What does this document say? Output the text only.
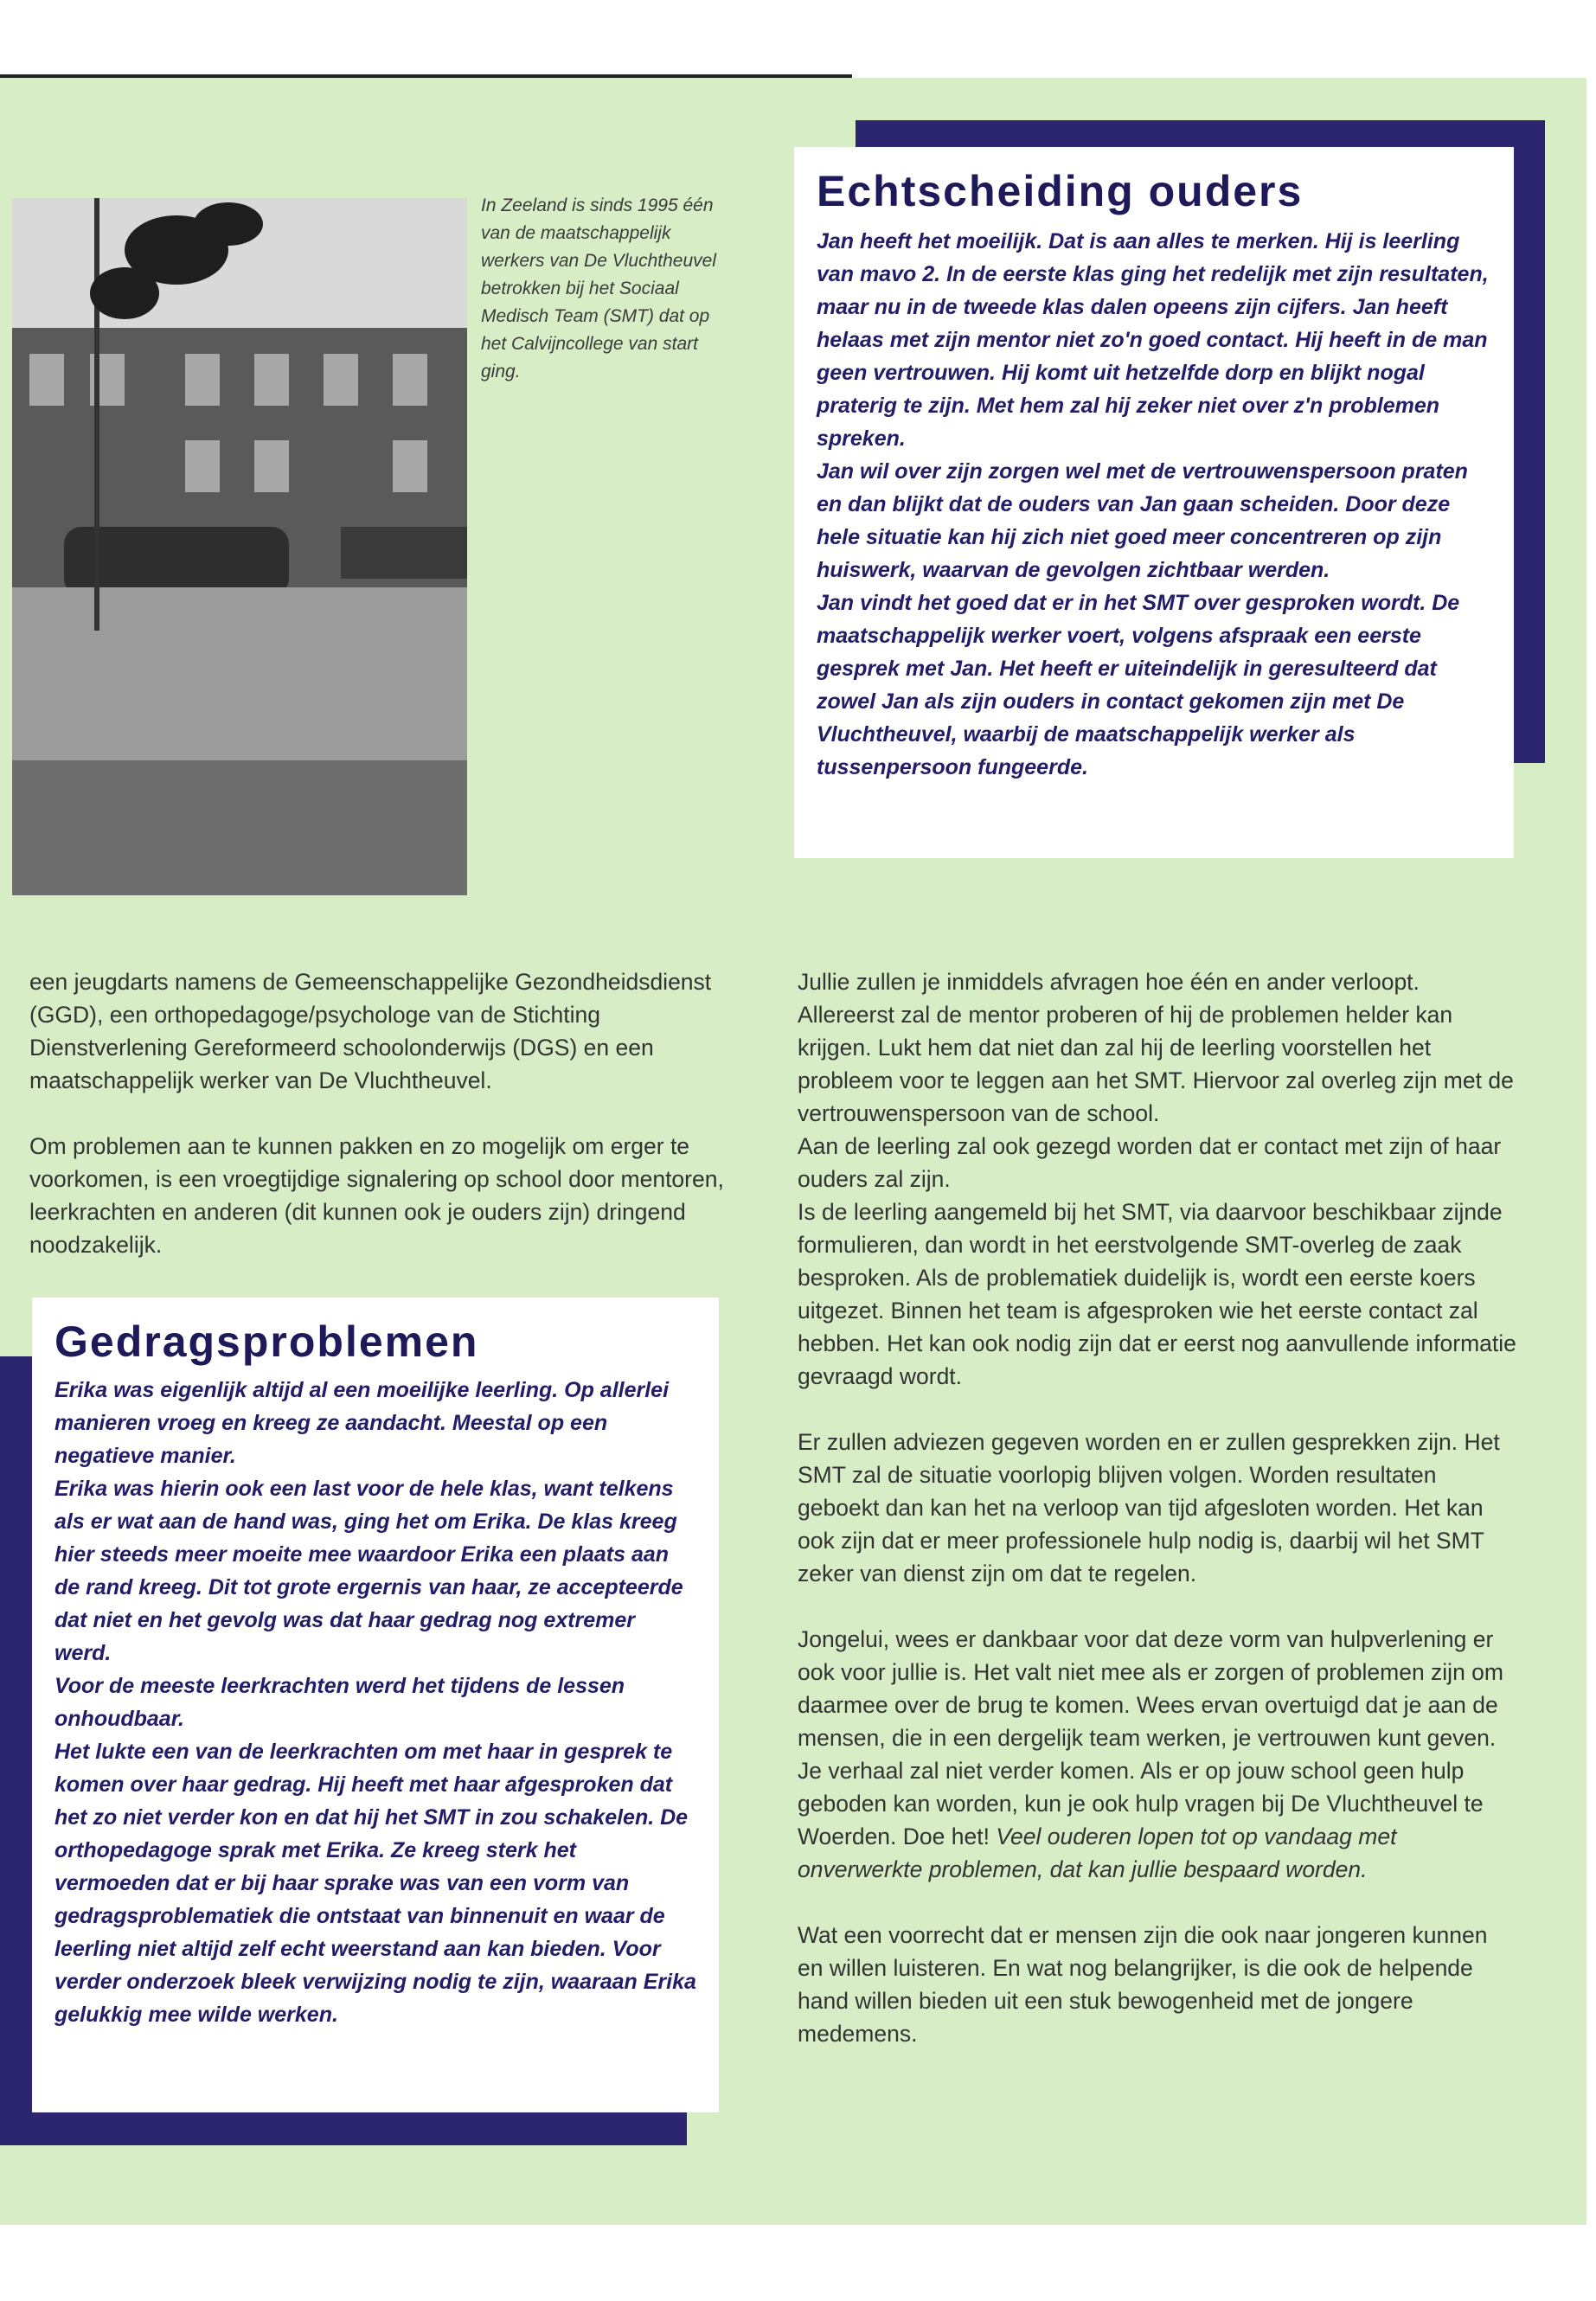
In Zeeland is sinds 1995 één van de maatschappelijk werkers van De Vluchtheuvel betrokken bij het Sociaal Medisch Team (SMT) dat op het Calvijncollege van start ging.
Echtscheiding ouders

Jan heeft het moeilijk. Dat is aan alles te merken. Hij is leerling van mavo 2. In de eerste klas ging het redelijk met zijn resultaten, maar nu in de tweede klas dalen opeens zijn cijfers. Jan heeft helaas met zijn mentor niet zo'n goed contact. Hij heeft in de man geen vertrouwen. Hij komt uit hetzelfde dorp en blijkt nogal praterig te zijn. Met hem zal hij zeker niet over z'n problemen spreken.

Jan wil over zijn zorgen wel met de vertrouwenspersoon praten en dan blijkt dat de ouders van Jan gaan scheiden. Door deze hele situatie kan hij zich niet goed meer concentreren op zijn huiswerk, waarvan de gevolgen zichtbaar werden.

Jan vindt het goed dat er in het SMT over gesproken wordt. De maatschappelijk werker voert, volgens afspraak een eerste gesprek met Jan. Het heeft er uiteindelijk in geresulteerd dat zowel Jan als zijn ouders in contact gekomen zijn met De Vluchtheuvel, waarbij de maatschappelijk werker als tussenpersoon fungeerde.

een jeugdarts namens de Gemeenschappelijke Gezondheidsdienst (GGD), een orthopedagoge/psychologe van de Stichting Dienstverlening Gereformeerd schoolonderwijs (DGS) en een maatschappelijk werker van De Vluchtheuvel.

Om problemen aan te kunnen pakken en zo mogelijk om erger te voorkomen, is een vroegtijdige signalering op school door mentoren, leerkrachten en anderen (dit kunnen ook je ouders zijn) dringend noodzakelijk.

Gedragsproblemen

Erika was eigenlijk altijd al een moeilijke leerling. Op allerlei manieren vroeg en kreeg ze aandacht. Meestal op een negatieve manier.

Erika was hierin ook een last voor de hele klas, want telkens als er wat aan de hand was, ging het om Erika. De klas kreeg hier steeds meer moeite mee waardoor Erika een plaats aan de rand kreeg. Dit tot grote ergernis van haar, ze accepteerde dat niet en het gevolg was dat haar gedrag nog extremer werd.

Voor de meeste leerkrachten werd het tijdens de lessen onhoudbaar.

Het lukte een van de leerkrachten om met haar in gesprek te komen over haar gedrag. Hij heeft met haar afgesproken dat het zo niet verder kon en dat hij het SMT in zou schakelen. De orthopedagoge sprak met Erika. Ze kreeg sterk het vermoeden dat er bij haar sprake was van een vorm van gedragsproblematiek die ontstaat van binnenuit en waar de leerling niet altijd zelf echt weerstand aan kan bieden. Voor verder onderzoek bleek verwijzing nodig te zijn, waaraan Erika gelukkig mee wilde werken.

Jullie zullen je inmiddels afvragen hoe één en ander verloopt.

Allereerst zal de mentor proberen of hij de problemen helder kan krijgen. Lukt hem dat niet dan zal hij de leerling voorstellen het probleem voor te leggen aan het SMT. Hiervoor zal overleg zijn met de vertrouwenspersoon van de school.

Aan de leerling zal ook gezegd worden dat er contact met zijn of haar ouders zal zijn.

Is de leerling aangemeld bij het SMT, via daarvoor beschikbaar zijnde formulieren, dan wordt in het eerstvolgende SMT-overleg de zaak besproken. Als de problematiek duidelijk is, wordt een eerste koers uitgezet. Binnen het team is afgesproken wie het eerste contact zal hebben. Het kan ook nodig zijn dat er eerst nog aanvullende informatie gevraagd wordt.

Er zullen adviezen gegeven worden en er zullen gesprekken zijn. Het SMT zal de situatie voorlopig blijven volgen. Worden resultaten geboekt dan kan het na verloop van tijd afgesloten worden. Het kan ook zijn dat er meer professionele hulp nodig is, daarbij wil het SMT zeker van dienst zijn om dat te regelen.

Jongelui, wees er dankbaar voor dat deze vorm van hulpverlening er ook voor jullie is. Het valt niet mee als er zorgen of problemen zijn om daarmee over de brug te komen. Wees ervan overtuigd dat je aan de mensen, die in een dergelijk team werken, je vertrouwen kunt geven. Je verhaal zal niet verder komen. Als er op jouw school geen hulp geboden kan worden, kun je ook hulp vragen bij De Vluchtheuvel te Woerden. Doe het! Veel ouderen lopen tot op vandaag met onverwerkte problemen, dat kan jullie bespaard worden.

Wat een voorrecht dat er mensen zijn die ook naar jongeren kunnen en willen luisteren. En wat nog belangrijker, is die ook de helpende hand willen bieden uit een stuk bewogenheid met de jongere medemens.
